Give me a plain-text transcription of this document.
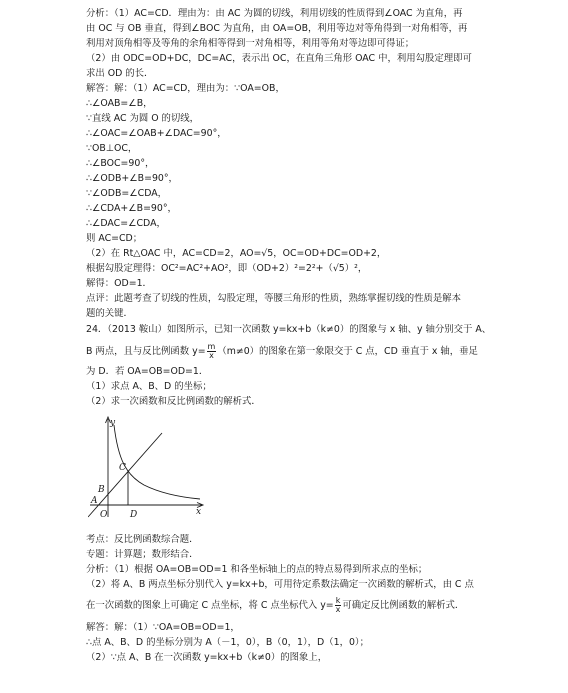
分析：（1）AC=CD．理由为：由 AC 为圆的切线，利用切线的性质得到∠OAC 为直角，再
由 OC 与 OB 垂直，得到∠BOC 为直角，由 OA=OB，利用等边对等角得到一对角相等，再
利用对顶角相等及等角的余角相等得到一对角相等，利用等角对等边即可得证；
（2）由 ODC=OD+DC，DC=AC，表示出 OC，在直角三角形 OAC 中，利用勾股定理即可
求出 OD 的长．
解答：解：（1）AC=CD，理由为：∵OA=OB，
∴∠OAB=∠B，
∵直线 AC 为圆 O 的切线，
∴∠OAC=∠OAB+∠DAC=90°，
∵OB⊥OC，
∴∠BOC=90°，
∴∠ODB+∠B=90°，
∵∠ODB=∠CDA，
∴∠CDA+∠B=90°，
∴∠DAC=∠CDA，
则 AC=CD；
（2）在 Rt△OAC 中，AC=CD=2，AO=√5，OC=OD+DC=OD+2，
根据勾股定理得：OC²=AC²+AO²，即（OD+2）²=2²+（√5）²，
解得：OD=1．
点评：此题考查了切线的性质，勾股定理，等腰三角形的性质，熟练掌握切线的性质是解本
题的关键．
24．（2013 鞍山）如图所示，已知一次函数 y=kx+b（k≠0）的图象与 x 轴、y 轴分别交于 A、
B 两点，且与反比例函数 $y= \frac{m}{x} (m\ne 0)$的图象在第一象限交于 C 点，CD 垂直于 x 轴，垂足
为 D．若 OA=OB=OD=1．
（1）求点 A、B、D 的坐标；
（2）求一次函数和反比例函数的解析式．
y
x
O
A
B
C
D
考点：反比例函数综合题．
专题：计算题；数形结合．
分析：（1）根据 OA=OB=OD=1 和各坐标轴上的点的特点易得到所求点的坐标；
（2）将 A、B 两点坐标分别代入 y=kx+b，可用待定系数法确定一次函数的解析式，由 C 点
在一次函数的图象上可确定 C 点坐标，将 C 点坐标代入 $y= \frac{k}{x}$ 可确定反比例函数的解析式．
解答：解：（1）∵OA=OB=OD=1，
∴点 A、B、D 的坐标分别为 A（－1，0），B（0，1），D（1，0）；
（2）∵点 A、B 在一次函数 y=kx+b（k≠0）的图象上，
